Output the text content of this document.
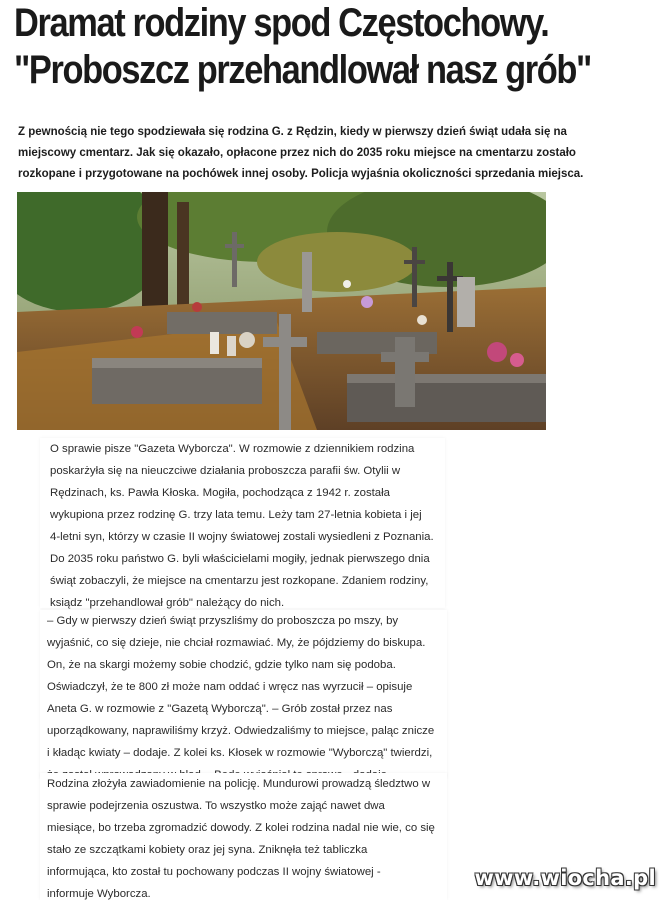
Dramat rodziny spod Częstochowy.
"Proboszcz przehandlował nasz grób"

Z pewnością nie tego spodziewała się rodzina G. z Rędzin, kiedy w pierwszy dzień świąt udała się na
miejscowy cmentarz. Jak się okazało, opłacone przez nich do 2035 roku miejsce na cmentarzu zostało
rozkopane i przygotowane na pochówek innej osoby. Policja wyjaśnia okoliczności sprzedania miejsca.

O sprawie pisze "Gazeta Wyborcza". W rozmowie z dziennikiem rodzina
poskarżyła się na nieuczciwe działania proboszcza parafii św. Otylii w
Rędzinach, ks. Pawła Kłoska. Mogiła, pochodząca z 1942 r. została
wykupiona przez rodzinę G. trzy lata temu. Leży tam 27-letnia kobieta i jej
4-letni syn, którzy w czasie II wojny światowej zostali wysiedleni z Poznania.
Do 2035 roku państwo G. byli właścicielami mogiły, jednak pierwszego dnia
świąt zobaczyli, że miejsce na cmentarzu jest rozkopane. Zdaniem rodziny,
ksiądz "przehandlował grób" należący do nich.

– Gdy w pierwszy dzień świąt przyszliśmy do proboszcza po mszy, by
wyjaśnić, co się dzieje, nie chciał rozmawiać. My, że pójdziemy do biskupa.
On, że na skargi możemy sobie chodzić, gdzie tylko nam się podoba.
Oświadczył, że te 800 zł może nam oddać i wręcz nas wyrzucił – opisuje
Aneta G. w rozmowie z "Gazetą Wyborczą". – Grób został przez nas
uporządkowany, naprawiliśmy krzyż. Odwiedzaliśmy to miejsce, paląc znicze
i kładąc kwiaty – dodaje. Z kolei ks. Kłosek w rozmowie "Wyborczą" twierdzi,

Rodzina złożyła zawiadomienie na policję. Mundurowi prowadzą śledztwo w
sprawie podejrzenia oszustwa. To wszystko może zająć nawet dwa
miesiące, bo trzeba zgromadzić dowody. Z kolei rodzina nadal nie wie, co się
stało ze szczątkami kobiety oraz jej syna. Zniknęła też tabliczka
informująca, kto został tu pochowany podczas II wojny światowej -
informuje Wyborcza.

www.wiocha.pl
